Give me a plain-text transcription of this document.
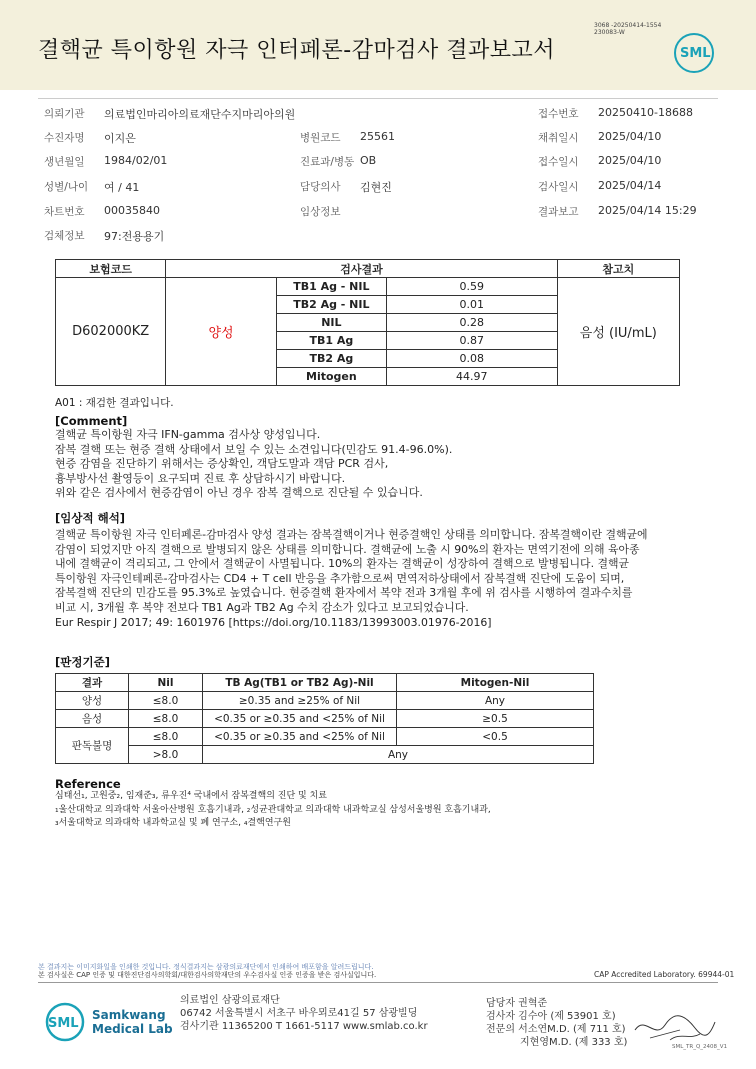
결핵균 특이항원 자극 인터페론-감마검사 결과보고서
3068 -20250414-1554
230083-W
SML
의뢰기관 의료법인마리아의료재단수지마리아의원	접수번호 20250410-18688
수진자명 이지은	병원코드 25561	채취일시 2025/04/10
생년월일 1984/02/01	진료과/병동 OB	접수일시 2025/04/10
성별/나이 여 / 41	담당의사 김현진	검사일시 2025/04/14
차트번호 00035840	임상정보	결과보고 2025/04/14 15:29
검체정보 97:전용용기
보험코드	검사결과			참고치
D602000KZ	양성	TB1 Ag - NIL	0.59	음성 (IU/mL)
		TB2 Ag - NIL	0.01	
		NIL	0.28	
		TB1 Ag	0.87	
		TB2 Ag	0.08	
		Mitogen	44.97	
A01 : 재검한 결과입니다.
[Comment]
결핵균 특이항원 자극 IFN-gamma 검사상 양성입니다.
잠복 결핵 또는 현증 결핵 상태에서 보일 수 있는 소견입니다(민감도 91.4-96.0%).
현증 감염을 진단하기 위해서는 증상확인, 객담도말과 객담 PCR 검사,
흉부방사선 촬영등이 요구되며 진료 후 상담하시기 바랍니다.
위와 같은 검사에서 현증감염이 아닌 경우 잠복 결핵으로 진단될 수 있습니다.
[임상적 해석]
결핵균 특이항원 자극 인터페론-감마검사 양성 결과는 잠복결핵이거나 현증결핵인 상태를 의미합니다. 잠복결핵이란 결핵균에
감염이 되었지만 아직 결핵으로 발병되지 않은 상태를 의미합니다. 결핵균에 노출 시 90%의 환자는 면역기전에 의해 육아종
내에 결핵균이 격리되고, 그 안에서 결핵균이 사멸됩니다. 10%의 환자는 결핵균이 성장하여 결핵으로 발병됩니다. 결핵균
특이항원 자극인테페론-감마검사는 CD4 + T cell 반응을 추가함으로써 면역저하상태에서 잠복결핵 진단에 도움이 되며,
잠복결핵 진단의 민감도를 95.3%로 높였습니다. 현증결핵 환자에서 복약 전과 3개월 후에 위 검사를 시행하여 결과수치를
비교 시, 3개월 후 복약 전보다 TB1 Ag과 TB2 Ag 수치 감소가 있다고 보고되었습니다.
Eur Respir J 2017; 49: 1601976 [https://doi.org/10.1183/13993003.01976-2016]
[판정기준]
결과	Nil	TB Ag(TB1 or TB2 Ag)-Nil	Mitogen-Nil
양성	≤8.0	≥0.35 and ≥25% of Nil	Any
음성	≤8.0	<0.35 or ≥0.35 and <25% of Nil	≥0.5
판독불명	≤8.0	<0.35 or ≥0.35 and <25% of Nil	<0.5
	>8.0	Any	
Reference
심태선₁, 고원중₂, 임재준₃, 류우진⁴ 국내에서 잠복결핵의 진단 및 치료
₁울산대학교 의과대학 서울아산병원 호흡기내과, ₂성균관대학교 의과대학 내과학교실 삼성서울병원 호흡기내과,
₃서울대학교 의과대학 내과학교실 및 폐 연구소, ₄결핵연구원
본 결과지는 이미지화일을 인쇄한 것입니다. 정식결과지는 삼광의료재단에서 인쇄하여 배포함을 알려드립니다.
본 검사실은 CAP 인증 및 대한진단검사의학회/대한검사의학재단의 우수검사실 인증 인증을 받은 검사실입니다.	CAP Accredited Laboratory. 69944-01
SML
Samkwang
Medical Lab
의료법인 삼광의료재단
06742 서울특별시 서초구 바우뫼로41길 57 삼광빌딩
검사기관 11365200 T 1661-5117 www.smlab.co.kr
담당자 권혁준
검사자 김수아 (제 53901 호)
전문의 서소연M.D. (제 711 호)
지현영M.D. (제 333 호)	SML_TR_Q_2408_V1
